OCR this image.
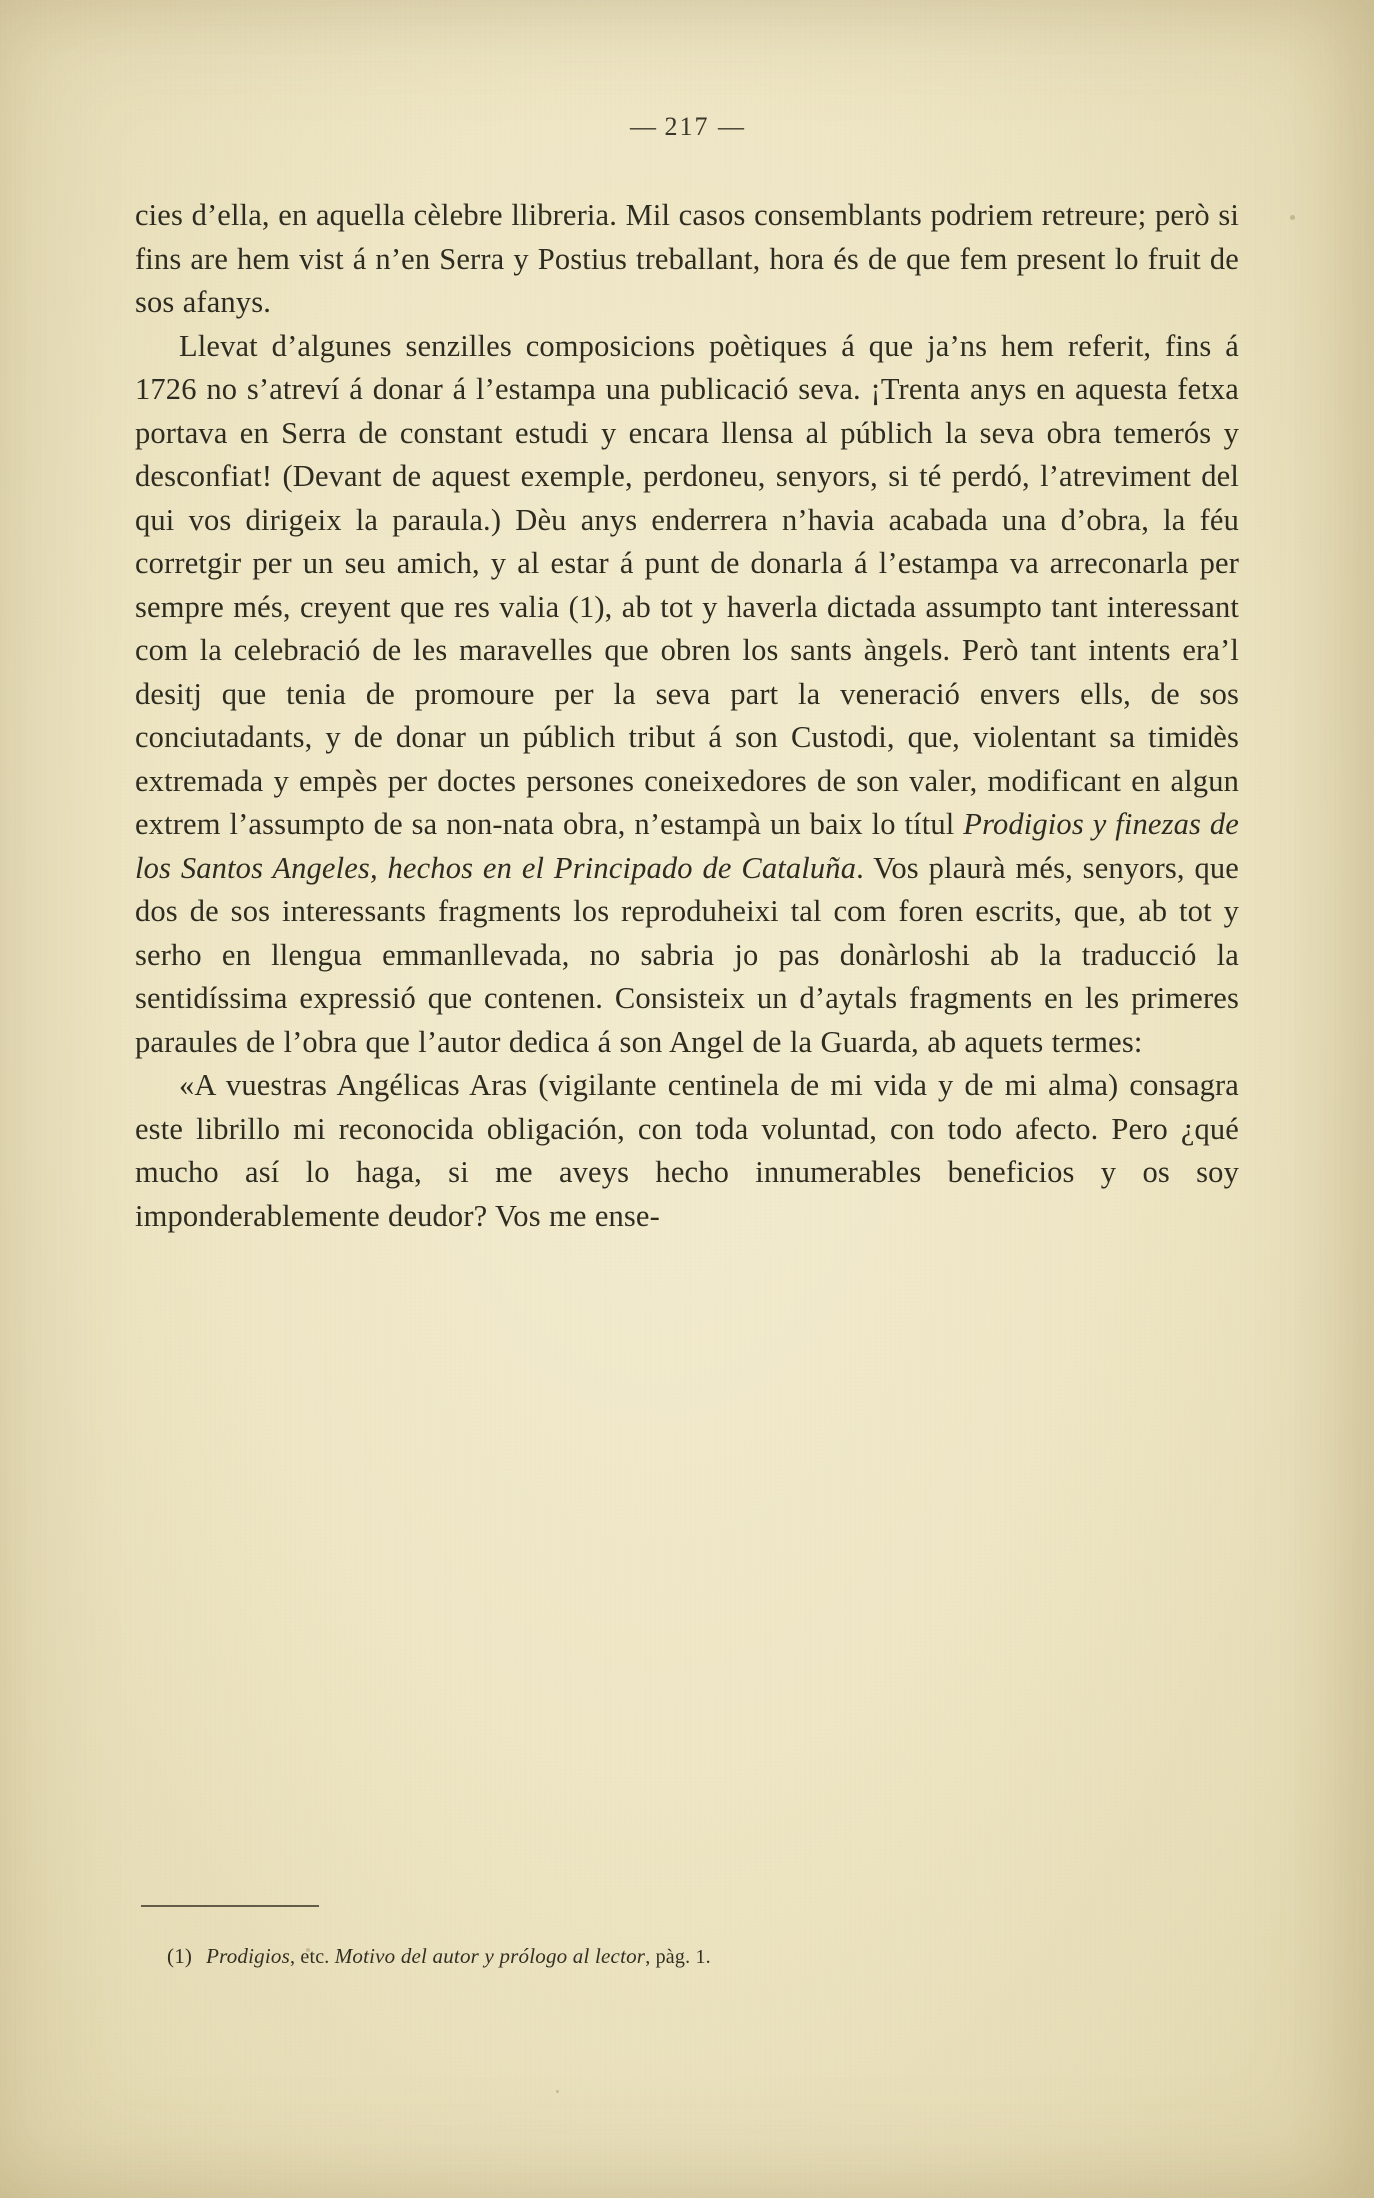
— 217 —

cies d’ella, en aquella cèlebre llibreria. Mil casos consemblants podriem retreure; però si fins are hem vist á n’en Serra y Postius treballant, hora és de que fem present lo fruit de sos afanys.

Llevat d’algunes senzilles composicions poètiques á que ja’ns hem referit, fins á 1726 no s’atreví á donar á l’estampa una publicació seva. ¡Trenta anys en aquesta fetxa portava en Serra de constant estudi y encara llensa al públich la seva obra temerós y desconfiat! (Devant de aquest exemple, perdoneu, senyors, si té perdó, l’atreviment del qui vos dirigeix la paraula.) Dèu anys enderrera n’havia acabada una d’obra, la féu corretgir per un seu amich, y al estar á punt de donarla á l’estampa va arreconarla per sempre més, creyent que res valia (1), ab tot y haverla dictada assumpto tant interessant com la celebració de les maravelles que obren los sants àngels. Però tant intents era’l desitj que tenia de promoure per la seva part la veneració envers ells, de sos conciutadants, y de donar un públich tribut á son Custodi, que, violentant sa timidès extremada y empès per doctes persones coneixedores de son valer, modificant en algun extrem l’assumpto de sa non-nata obra, n’estampà un baix lo títul Prodigios y finezas de los Santos Angeles, hechos en el Principado de Cataluña. Vos plaurà més, senyors, que dos de sos interessants fragments los reproduheixi tal com foren escrits, que, ab tot y serho en llengua emmanllevada, no sabria jo pas donàrloshi ab la traducció la sentidíssima expressió que contenen. Consisteix un d’aytals fragments en les primeres paraules de l’obra que l’autor dedica á son Angel de la Guarda, ab aquets termes:

«A vuestras Angélicas Aras (vigilante centinela de mi vida y de mi alma) consagra este librillo mi reconocida obligación, con toda voluntad, con todo afecto. Pero ¿qué mucho así lo haga, si me aveys hecho innumerables beneficios y os soy imponderablemente deudor? Vos me ense-

(1) Prodigios, etc. Motivo del autor y prólogo al lector, pàg. 1.
